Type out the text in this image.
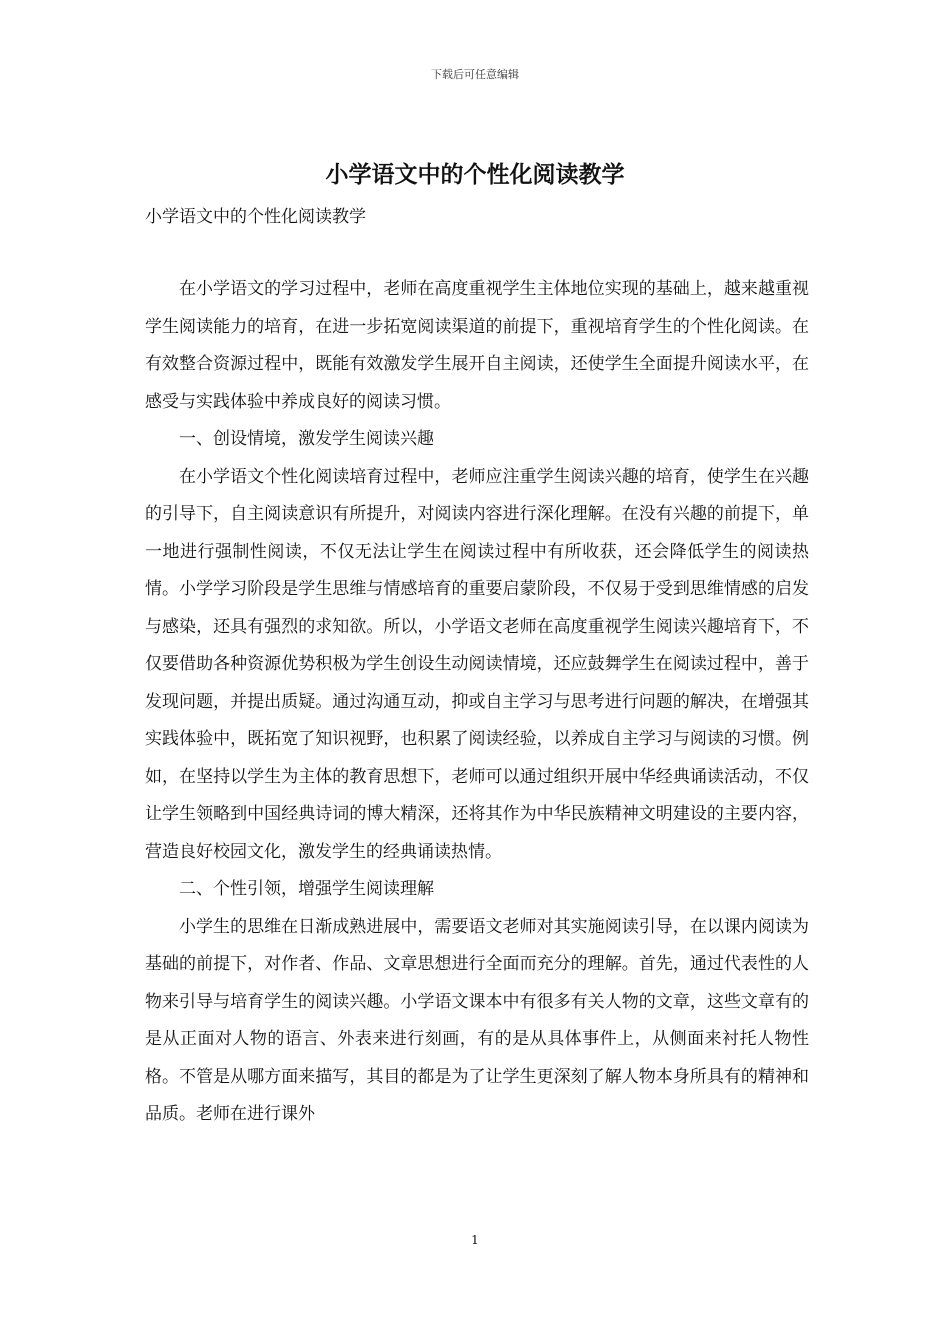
下载后可任意编辑
小学语文中的个性化阅读教学

小学语文中的个性化阅读教学

在小学语文的学习过程中，老师在高度重视学生主体地位实现的基础上，越来越重视学生阅读能力的培育，在进一步拓宽阅读渠道的前提下，重视培育学生的个性化阅读。在有效整合资源过程中，既能有效激发学生展开自主阅读，还使学生全面提升阅读水平，在感受与实践体验中养成良好的阅读习惯。

一、创设情境，激发学生阅读兴趣

在小学语文个性化阅读培育过程中，老师应注重学生阅读兴趣的培育，使学生在兴趣的引导下，自主阅读意识有所提升，对阅读内容进行深化理解。在没有兴趣的前提下，单一地进行强制性阅读，不仅无法让学生在阅读过程中有所收获，还会降低学生的阅读热情。小学学习阶段是学生思维与情感培育的重要启蒙阶段，不仅易于受到思维情感的启发与感染，还具有强烈的求知欲。所以，小学语文老师在高度重视学生阅读兴趣培育下，不仅要借助各种资源优势积极为学生创设生动阅读情境，还应鼓舞学生在阅读过程中，善于发现问题，并提出质疑。通过沟通互动，抑或自主学习与思考进行问题的解决，在增强其实践体验中，既拓宽了知识视野，也积累了阅读经验，以养成自主学习与阅读的习惯。例如，在坚持以学生为主体的教育思想下，老师可以通过组织开展中华经典诵读活动，不仅让学生领略到中国经典诗词的博大精深，还将其作为中华民族精神文明建设的主要内容，营造良好校园文化，激发学生的经典诵读热情。

二、个性引领，增强学生阅读理解

小学生的思维在日渐成熟进展中，需要语文老师对其实施阅读引导，在以课内阅读为基础的前提下，对作者、作品、文章思想进行全面而充分的理解。首先，通过代表性的人物来引导与培育学生的阅读兴趣。小学语文课本中有很多有关人物的文章，这些文章有的是从正面对人物的语言、外表来进行刻画，有的是从具体事件上，从侧面来衬托人物性格。不管是从哪方面来描写，其目的都是为了让学生更深刻了解人物本身所具有的精神和品质。老师在进行课外

1
